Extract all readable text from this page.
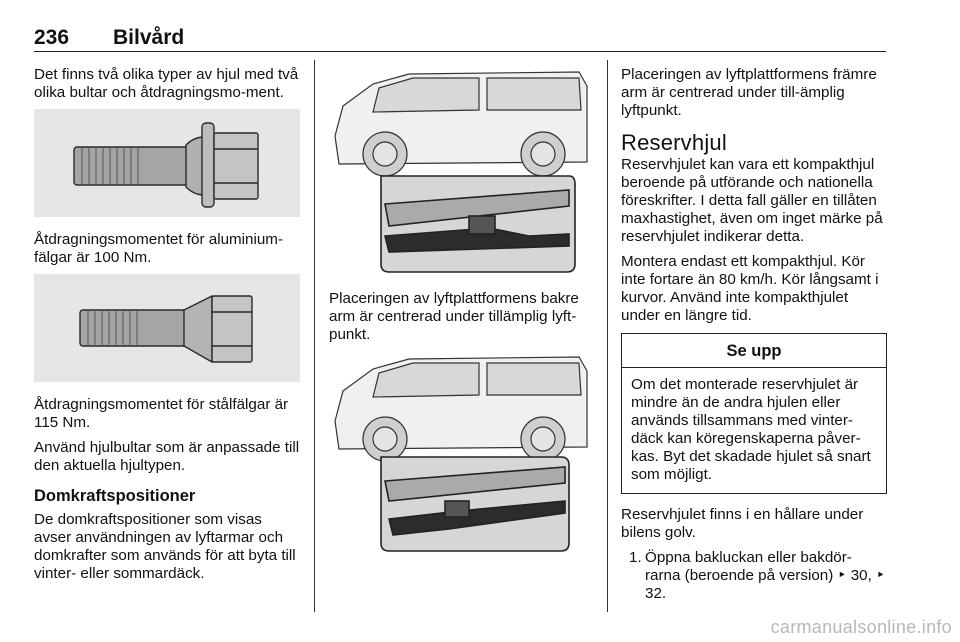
236 Bilvård

Det finns två olika typer av hjul med två olika bultar och åtdragningsmo-ment.

Åtdragningsmomentet för aluminium-fälgar är 100 Nm.

Åtdragningsmomentet för stålfälgar är 115 Nm.

Använd hjulbultar som är anpassade till den aktuella hjultypen.

Domkraftspositioner

De domkraftspositioner som visas avser användningen av lyftarmar och domkrafter som används för att byta till vinter- eller sommardäck.

Placeringen av lyftplattformens bakre arm är centrerad under tillämplig lyft-punkt.

Placeringen av lyftplattformens främre arm är centrerad under till-ämplig lyftpunkt.

Reservhjul

Reservhjulet kan vara ett kompakthjul beroende på utförande och nationella föreskrifter. I detta fall gäller en tillåten maxhastighet, även om inget märke på reservhjulet indikerar detta.

Montera endast ett kompakthjul. Kör inte fortare än 80 km/h. Kör långsamt i kurvor. Använd inte kompakthjulet under en längre tid.

Se upp
Om det monterade reservhjulet är mindre än de andra hjulen eller används tillsammans med vinter-däck kan köregenskaperna påver-kas. Byt det skadade hjulet så snart som möjligt.

Reservhjulet finns i en hållare under bilens golv.

1. Öppna bakluckan eller bakdör-rarna (beroende på version) ‣ 30, ‣ 32.
carmanualsonline.info
